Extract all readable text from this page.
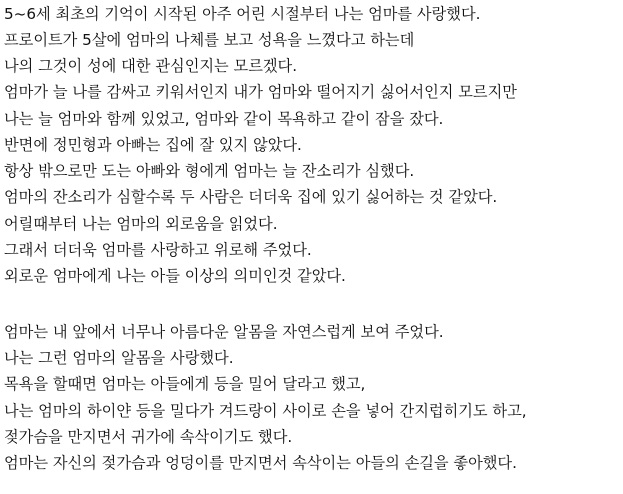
5~6세 최초의 기억이 시작된 아주 어린 시절부터 나는 엄마를 사랑했다.
프로이트가 5살에 엄마의 나체를 보고 성욕을 느꼈다고 하는데
나의 그것이 성에 대한 관심인지는 모르겠다.
엄마가 늘 나를 감싸고 키워서인지 내가 엄마와 떨어지기 싫어서인지 모르지만
나는 늘 엄마와 함께 있었고, 엄마와 같이 목욕하고 같이 잠을 잤다.
반면에 정민형과 아빠는 집에 잘 있지 않았다.
항상 밖으로만 도는 아빠와 형에게 엄마는 늘 잔소리가 심했다.
엄마의 잔소리가 심할수록 두 사람은 더더욱 집에 있기 싫어하는 것 같았다.
어릴때부터 나는 엄마의 외로움을 읽었다.
그래서 더더욱 엄마를 사랑하고 위로해 주었다.
외로운 엄마에게 나는 아들 이상의 의미인것 같았다.
엄마는 내 앞에서 너무나 아름다운 알몸을 자연스럽게 보여 주었다.
나는 그런 엄마의 알몸을 사랑했다.
목욕을 할때면 엄마는 아들에게 등을 밀어 달라고 했고,
나는 엄마의 하이얀 등을 밀다가 겨드랑이 사이로 손을 넣어 간지럽히기도 하고,
젖가슴을 만지면서 귀가에 속삭이기도 했다.
엄마는 자신의 젖가슴과 엉덩이를 만지면서 속삭이는 아들의 손길을 좋아했다.
